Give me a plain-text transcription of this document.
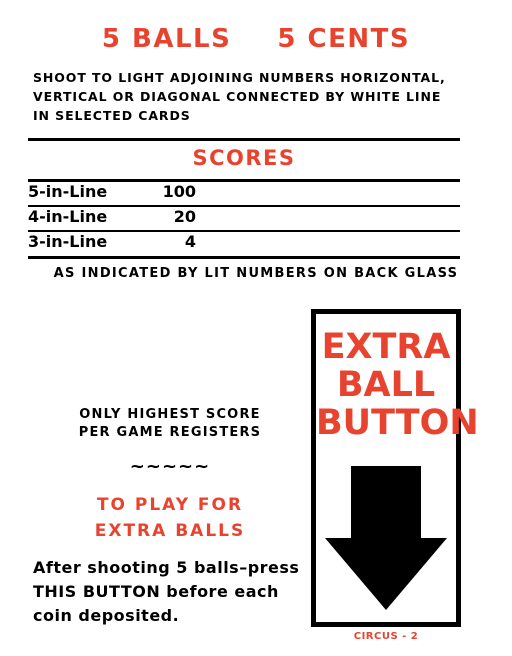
5 BALLS 5 CENTS
SHOOT TO LIGHT ADJOINING NUMBERS HORIZONTAL,
VERTICAL OR DIAGONAL CONNECTED BY WHITE LINE
IN SELECTED CARDS
SCORES
5-in-Line	100
4-in-Line	20
3-in-Line	4
AS INDICATED BY LIT NUMBERS ON BACK GLASS
ONLY HIGHEST SCORE
PER GAME REGISTERS
~~~~~
TO PLAY FOR
EXTRA BALLS
After shooting 5 balls–press
THIS BUTTON before each
coin deposited.
EXTRA
BALL
BUTTON
CIRCUS - 2
